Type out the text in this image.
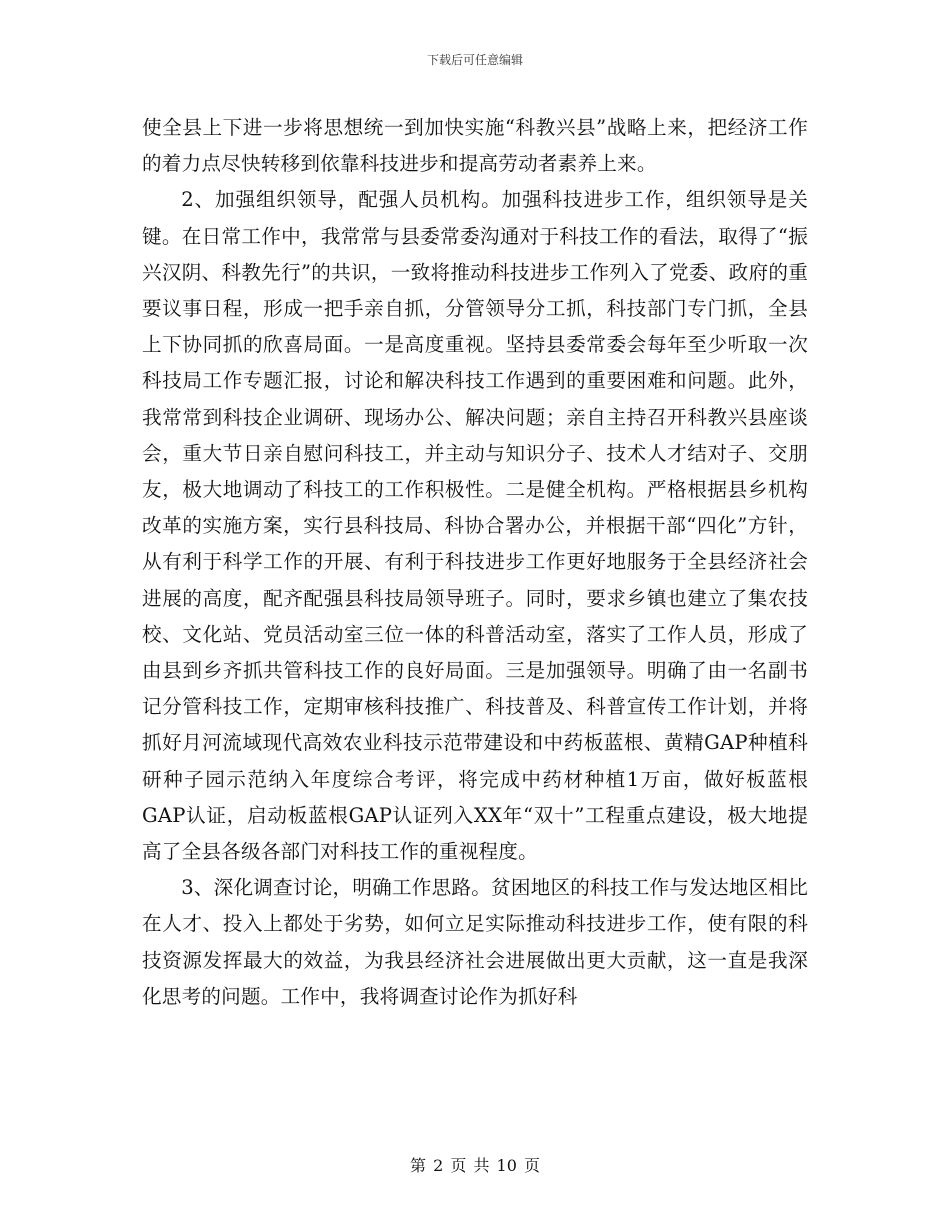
下载后可任意编辑

使全县上下进一步将思想统一到加快实施“科教兴县”战略上来，把经济工作的着力点尽快转移到依靠科技进步和提高劳动者素养上来。

2、加强组织领导，配强人员机构。加强科技进步工作，组织领导是关键。在日常工作中，我常常与县委常委沟通对于科技工作的看法，取得了“振兴汉阴、科教先行”的共识，一致将推动科技进步工作列入了党委、政府的重要议事日程，形成一把手亲自抓，分管领导分工抓，科技部门专门抓，全县上下协同抓的欣喜局面。一是高度重视。坚持县委常委会每年至少听取一次科技局工作专题汇报，讨论和解决科技工作遇到的重要困难和问题。此外，我常常到科技企业调研、现场办公、解决问题；亲自主持召开科教兴县座谈会，重大节日亲自慰问科技工，并主动与知识分子、技术人才结对子、交朋友，极大地调动了科技工的工作积极性。二是健全机构。严格根据县乡机构改革的实施方案，实行县科技局、科协合署办公，并根据干部“四化”方针，从有利于科学工作的开展、有利于科技进步工作更好地服务于全县经济社会进展的高度，配齐配强县科技局领导班子。同时，要求乡镇也建立了集农技校、文化站、党员活动室三位一体的科普活动室，落实了工作人员，形成了由县到乡齐抓共管科技工作的良好局面。三是加强领导。明确了由一名副书记分管科技工作，定期审核科技推广、科技普及、科普宣传工作计划，并将抓好月河流域现代高效农业科技示范带建设和中药板蓝根、黄精GAP种植科研种子园示范纳入年度综合考评，将完成中药材种植1万亩，做好板蓝根GAP认证，启动板蓝根GAP认证列入XX年“双十”工程重点建设，极大地提高了全县各级各部门对科技工作的重视程度。

3、深化调查讨论，明确工作思路。贫困地区的科技工作与发达地区相比在人才、投入上都处于劣势，如何立足实际推动科技进步工作，使有限的科技资源发挥最大的效益，为我县经济社会进展做出更大贡献，这一直是我深化思考的问题。工作中，我将调查讨论作为抓好科

第 2 页 共 10 页
